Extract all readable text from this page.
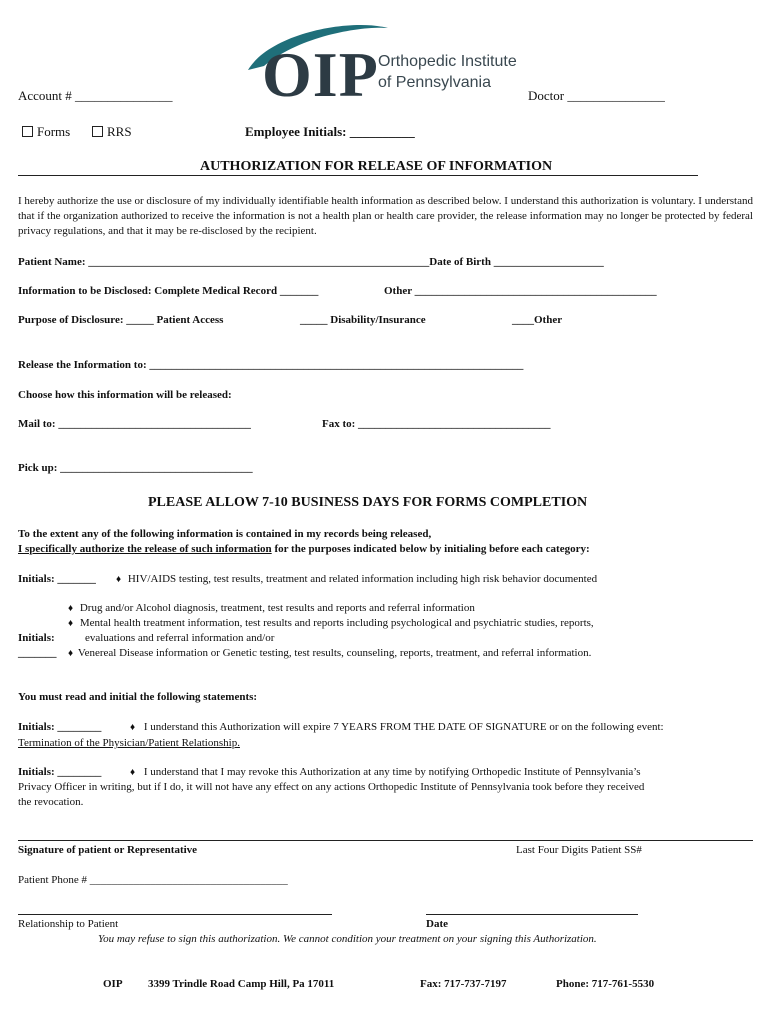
OIP Orthopedic Institute
of Pennsylvania
Account # _______________	Doctor _______________
Forms	RRS	Employee Initials: __________
AUTHORIZATION FOR RELEASE OF INFORMATION
I hereby authorize the use or disclosure of my individually identifiable health information as described below. I understand this authorization is voluntary. I understand that if the organization authorized to receive the information is not a health plan or health care provider, the release information may no longer be protected by federal privacy regulations, and that it may be re-disclosed by the recipient.
Patient Name: ______________________________________________________________Date of Birth ____________________
Information to be Disclosed: Complete Medical Record _______	Other ____________________________________________
Purpose of Disclosure: _____ Patient Access	_____ Disability/Insurance	____Other
Release the Information to: ____________________________________________________________________
Choose how this information will be released:
Mail to: ___________________________________	Fax to: ___________________________________
Pick up: ___________________________________
PLEASE ALLOW 7-10 BUSINESS DAYS FOR FORMS COMPLETION
To the extent any of the following information is contained in my records being released,
I specifically authorize the release of such information for the purposes indicated below by initialing before each category:
Initials: _______ ♦ HIV/AIDS testing, test results, treatment and related information including high risk behavior documented
♦ Drug and/or Alcohol diagnosis, treatment, test results and reports and referral information
♦ Mental health treatment information, test results and reports including psychological and psychiatric studies, reports,
Initials:	evaluations and referral information and/or
_______ ♦ Venereal Disease information or Genetic testing, test results, counseling, reports, treatment, and referral information.
You must read and initial the following statements:
Initials: ________	♦ I understand this Authorization will expire 7 YEARS FROM THE DATE OF SIGNATURE or on the following event:
Termination of the Physician/Patient Relationship.
Initials: ________	♦ I understand that I may revoke this Authorization at any time by notifying Orthopedic Institute of Pennsylvania’s
Privacy Officer in writing, but if I do, it will not have any effect on any actions Orthopedic Institute of Pennsylvania took before they received
the revocation.
Signature of patient or Representative	Last Four Digits Patient SS#
Patient Phone # ____________________________________
Relationship to Patient	Date
You may refuse to sign this authorization. We cannot condition your treatment on your signing this Authorization.
OIP 3399 Trindle Road Camp Hill, Pa 17011	Fax: 717-737-7197	Phone: 717-761-5530
